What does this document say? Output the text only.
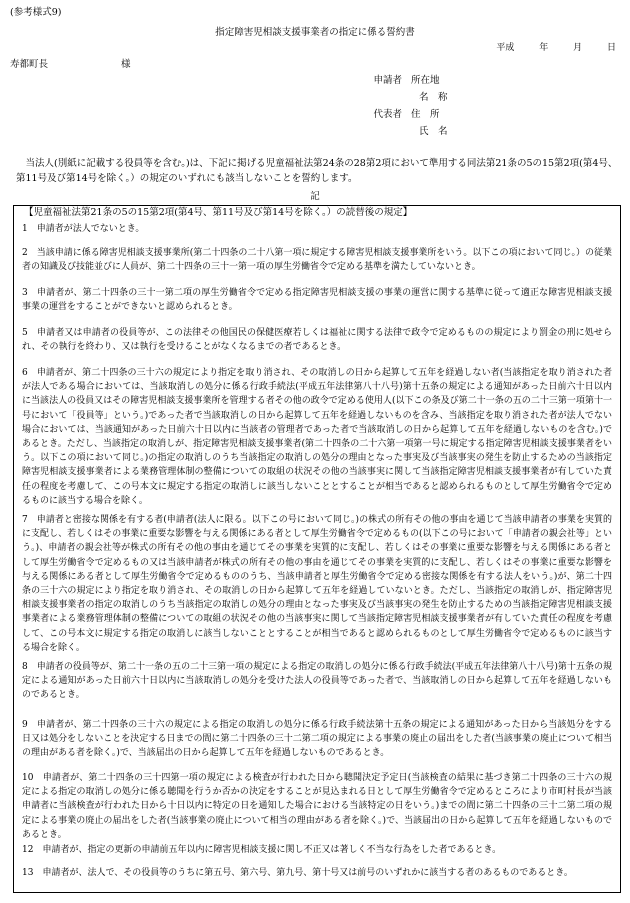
(参考様式9)
指定障害児相談支援事業者の指定に係る誓約書
平成	年	月	日
寿都町長	様
申請者 所在地
名　称
代表者 住　所
氏　名
当法人(別紙に記載する役員等を含む。)は、下記に掲げる児童福祉法第24条の28第2項において準用する同法第21条の5の15第2項(第4号、第11号及び第14号を除く。）の規定のいずれにも該当しないことを誓約します。
記
【児童福祉法第21条の5の15第2項(第4号、第11号及び第14号を除く。）の読替後の規定】
1　申請者が法人でないとき。
2　当該申請に係る障害児相談支援事業所(第二十四条の二十八第一項に規定する障害児相談支援事業所をいう。以下この項において同じ。）の従業者の知識及び技能並びに人員が、第二十四条の三十一第一項の厚生労働省令で定める基準を満たしていないとき。
3　申請者が、第二十四条の三十一第二項の厚生労働省令で定める指定障害児相談支援の事業の運営に関する基準に従って適正な障害児相談支援事業の運営をすることができないと認められるとき。
5　申請者又は申請者の役員等が、この法律その他国民の保健医療若しくは福祉に関する法律で政令で定めるものの規定により罰金の刑に処せられ、その執行を終わり、又は執行を受けることがなくなるまでの者であるとき。
6　申請者が、第二十四条の三十六の規定により指定を取り消され、その取消しの日から起算して五年を経過しない者(当該指定を取り消された者が法人である場合においては、当該取消しの処分に係る行政手続法(平成五年法律第八十八号)第十五条の規定による通知があった日前六十日以内に当該法人の役員又はその障害児相談支援事業所を管理する者その他の政令で定める使用人(以下この条及び第二十一条の五の二十三第一項第十一号において「役員等」という。)であった者で当該取消しの日から起算して五年を経過しないものを含み、当該指定を取り消された者が法人でない場合においては、当該通知があった日前六十日以内に当該者の管理者であった者で当該取消しの日から起算して五年を経過しないものを含む。)であるとき。ただし、当該指定の取消しが、指定障害児相談支援事業者(第二十四条の二十六第一項第一号に規定する指定障害児相談支援事業者をいう。以下この項において同じ。)の指定の取消しのうち当該指定の取消しの処分の理由となった事実及び当該事実の発生を防止するための当該指定障害児相談支援事業者による業務管理体制の整備についての取組の状況その他の当該事実に関して当該指定障害児相談支援事業者が有していた責任の程度を考慮して、この号本文に規定する指定の取消しに該当しないこととすることが相当であると認められるものとして厚生労働省令で定めるものに該当する場合を除く。
7　申請者と密接な関係を有する者(申請者(法人に限る。以下この号において同じ。)の株式の所有その他の事由を通じて当該申請者の事業を実質的に支配し、若しくはその事業に重要な影響を与える関係にある者として厚生労働省令で定めるもの(以下この号において「申請者の親会社等」という。)、申請者の親会社等が株式の所有その他の事由を通じてその事業を実質的に支配し、若しくはその事業に重要な影響を与える関係にある者として厚生労働省令で定めるもの又は当該申請者が株式の所有その他の事由を通じてその事業を実質的に支配し、若しくはその事業に重要な影響を与える関係にある者として厚生労働省令で定めるもののうち、当該申請者と厚生労働省令で定める密接な関係を有する法人をいう。)が、第二十四条の三十六の規定により指定を取り消され、その取消しの日から起算して五年を経過していないとき。ただし、当該指定の取消しが、指定障害児相談支援事業者の指定の取消しのうち当該指定の取消しの処分の理由となった事実及び当該事実の発生を防止するための当該指定障害児相談支援事業者による業務管理体制の整備についての取組の状況その他の当該事実に関して当該指定障害児相談支援事業者が有していた責任の程度を考慮して、この号本文に規定する指定の取消しに該当しないこととすることが相当であると認められるものとして厚生労働省令で定めるものに該当する場合を除く。
8　申請者の役員等が、第二十一条の五の二十三第一項の規定による指定の取消しの処分に係る行政手続法(平成五年法律第八十八号)第十五条の規定による通知があった日前六十日以内に当該取消しの処分を受けた法人の役員等であった者で、当該取消しの日から起算して五年を経過しないものであるとき。
9　申請者が、第二十四条の三十六の規定による指定の取消しの処分に係る行政手続法第十五条の規定による通知があった日から当該処分をする日又は処分をしないことを決定する日までの間に第二十四条の三十二第二項の規定による事業の廃止の届出をした者(当該事業の廃止について相当の理由がある者を除く。)で、当該届出の日から起算して五年を経過しないものであるとき。
10　申請者が、第二十四条の三十四第一項の規定による検査が行われた日から聴聞決定予定日(当該検査の結果に基づき第二十四条の三十六の規定による指定の取消しの処分に係る聴聞を行うか否かの決定をすることが見込まれる日として厚生労働省令で定めるところにより市町村長が当該申請者に当該検査が行われた日から十日以内に特定の日を通知した場合における当該特定の日をいう。)までの間に第二十四条の三十二第二項の規定による事業の廃止の届出をした者(当該事業の廃止について相当の理由がある者を除く。)で、当該届出の日から起算して五年を経過しないものであるとき。
12　申請者が、指定の更新の申請前五年以内に障害児相談支援に関し不正又は著しく不当な行為をした者であるとき。
13　申請者が、法人で、その役員等のうちに第五号、第六号、第九号、第十号又は前号のいずれかに該当する者のあるものであるとき。
